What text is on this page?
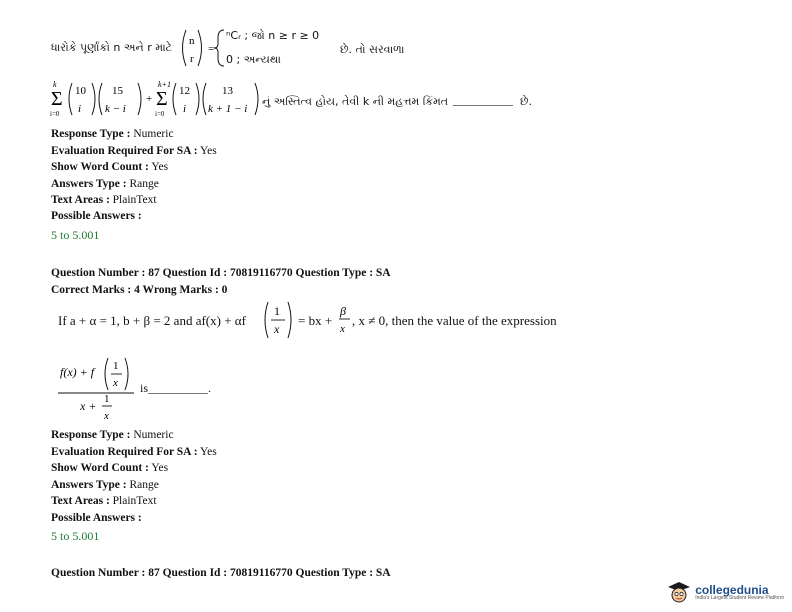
ધારોકે પૂર્ણાંકો n અને r માટે n
r
=
ⁿCᵣ ; જો n ≥ r ≥ 0
0 ; અન્યથા
છે. તો સરવાળા
k
Σ
i=0
10
i
15
k − i
+
k+1
Σ
i=0
12
i
13
k + 1 − i
નું અસ્તિત્વ હોય, તેવી k ની મહત્તમ કિંમત __________ છે.
Response Type : Numeric
Evaluation Required For SA : Yes
Show Word Count : Yes
Answers Type : Range
Text Areas : PlainText
Possible Answers :
5 to 5.001
Question Number : 87 Question Id : 70819116770 Question Type : SA
Correct Marks : 4 Wrong Marks : 0
If a + α = 1, b + β = 2 and af(x) + αf
1
x
= bx +
β
x
, x ≠ 0, then the value of the expression
f(x) + f 1
x
x + 1
x
is__________.
Response Type : Numeric
Evaluation Required For SA : Yes
Show Word Count : Yes
Answers Type : Range
Text Areas : PlainText
Possible Answers :
5 to 5.001
Question Number : 87 Question Id : 70819116770 Question Type : SA
collegedunia
India's Largest Student Review Platform
